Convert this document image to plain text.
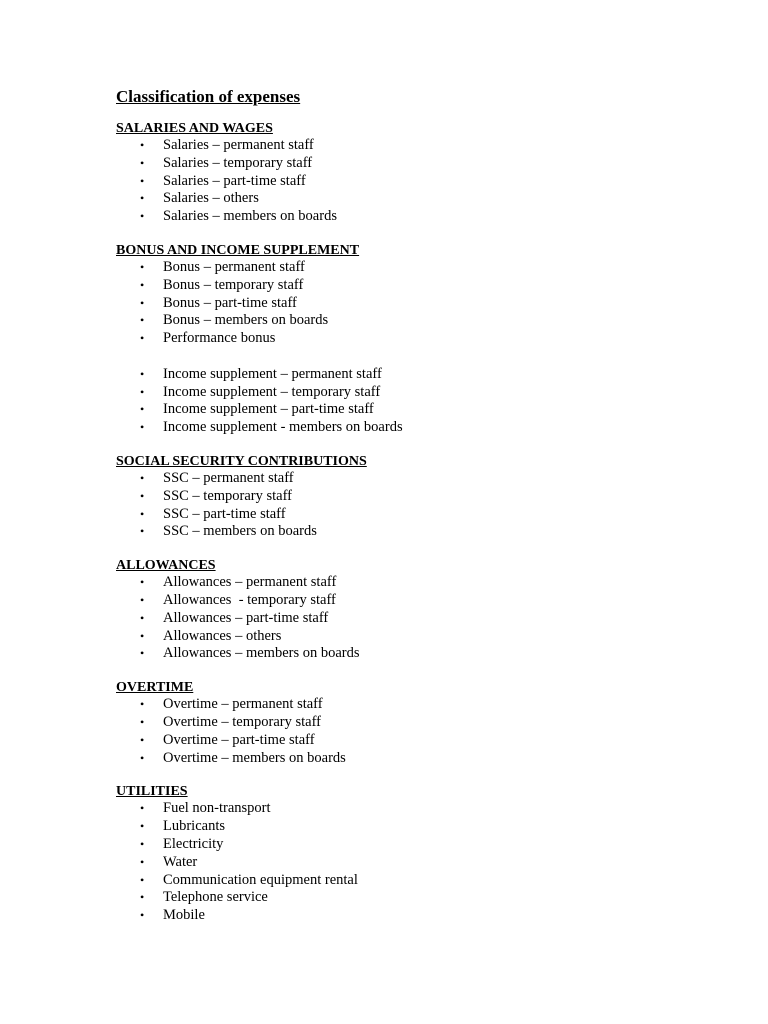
Classification of expenses
SALARIES AND WAGES
• Salaries – permanent staff
• Salaries – temporary staff
• Salaries – part-time staff
• Salaries – others
• Salaries – members on boards
BONUS AND INCOME SUPPLEMENT
• Bonus – permanent staff
• Bonus – temporary staff
• Bonus – part-time staff
• Bonus – members on boards
• Performance bonus
• Income supplement – permanent staff
• Income supplement – temporary staff
• Income supplement – part-time staff
• Income supplement - members on boards
SOCIAL SECURITY CONTRIBUTIONS
• SSC – permanent staff
• SSC – temporary staff
• SSC – part-time staff
• SSC – members on boards
ALLOWANCES
• Allowances – permanent staff
• Allowances  - temporary staff
• Allowances – part-time staff
• Allowances – others
• Allowances – members on boards
OVERTIME
• Overtime – permanent staff
• Overtime – temporary staff
• Overtime – part-time staff
• Overtime – members on boards
UTILITIES
• Fuel non-transport
• Lubricants
• Electricity
• Water
• Communication equipment rental
• Telephone service
• Mobile
